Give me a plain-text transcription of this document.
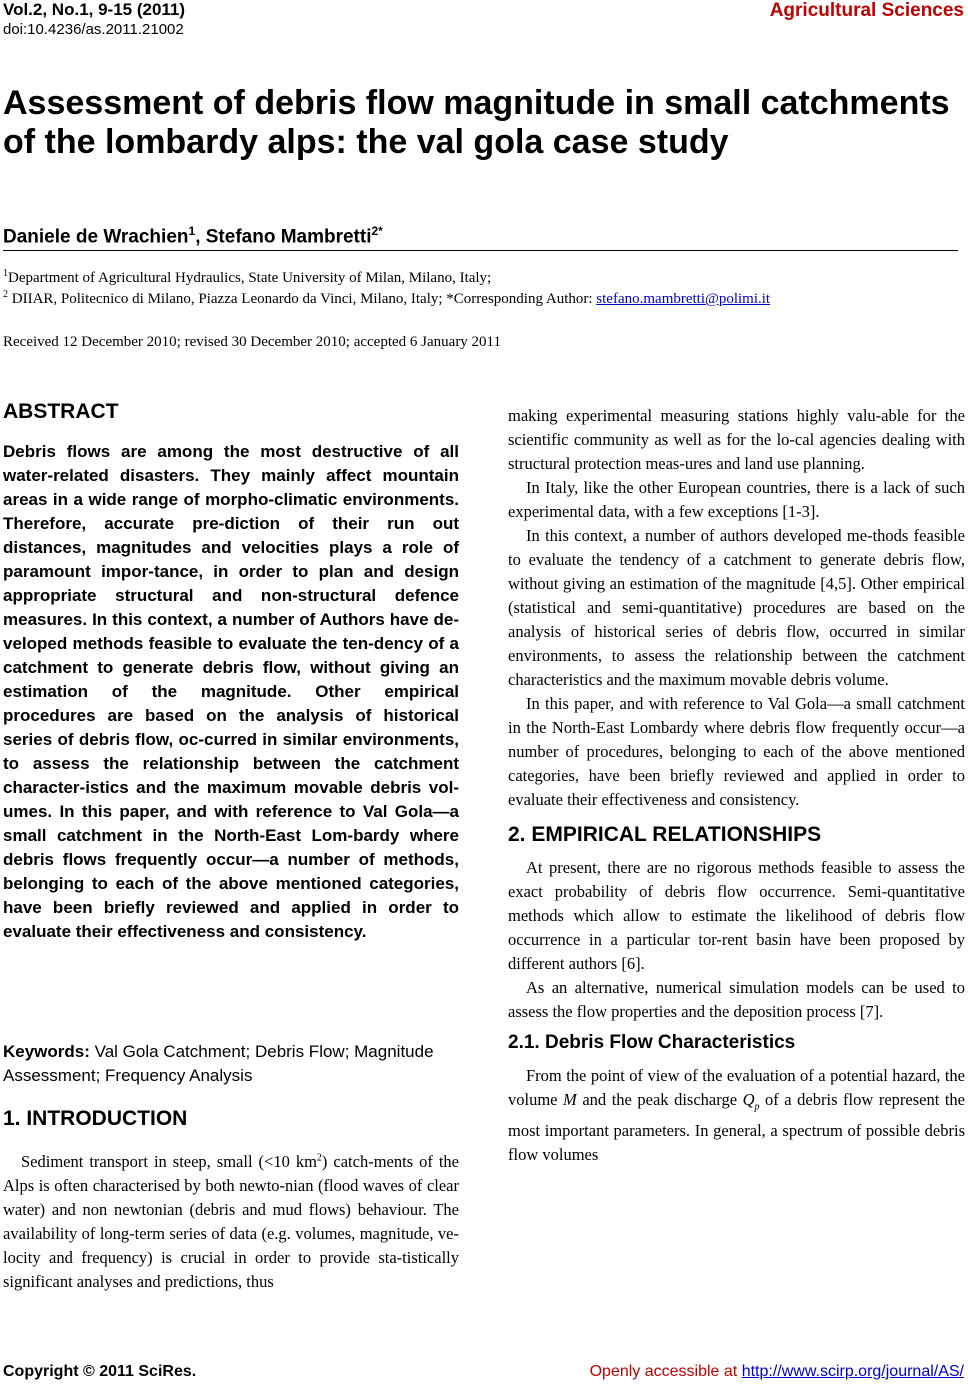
Vol.2, No.1, 9-15 (2011)
doi:10.4236/as.2011.21002
Agricultural Sciences
Assessment of debris flow magnitude in small catchments of the lombardy alps: the val gola case study
Daniele de Wrachien$^1$, Stefano Mambretti$^{2*}$
$^1$Department of Agricultural Hydraulics, State University of Milan, Milano, Italy;
$^2$ DIIAR, Politecnico di Milano, Piazza Leonardo da Vinci, Milano, Italy; *Corresponding Author: stefano.mambretti@polimi.it
Received 12 December 2010; revised 30 December 2010; accepted 6 January 2011
ABSTRACT

Debris flows are among the most destructive of all water-related disasters. They mainly affect mountain areas in a wide range of morpho-climatic environments. Therefore, accurate pre-diction of their run out distances, magnitudes and velocities plays a role of paramount impor-tance, in order to plan and design appropriate structural and non-structural defence measures. In this context, a number of Authors have de-veloped methods feasible to evaluate the ten-dency of a catchment to generate debris flow, without giving an estimation of the magnitude. Other empirical procedures are based on the analysis of historical series of debris flow, oc-curred in similar environments, to assess the relationship between the catchment character-istics and the maximum movable debris vol-umes. In this paper, and with reference to Val Gola—a small catchment in the North-East Lom-bardy where debris flows frequently occur—a number of methods, belonging to each of the above mentioned categories, have been briefly reviewed and applied in order to evaluate their effectiveness and consistency.

Keywords: Val Gola Catchment; Debris Flow; Magnitude Assessment; Frequency Analysis

1. INTRODUCTION

Sediment transport in steep, small (<10 $km^2$) catch-ments of the Alps is often characterised by both newto-nian (flood waves of clear water) and non newtonian (debris and mud flows) behaviour. The availability of long-term series of data (e.g. volumes, magnitude, ve-locity and frequency) is crucial in order to provide sta-tistically significant analyses and predictions, thus

making experimental measuring stations highly valu-able for the scientific community as well as for the lo-cal agencies dealing with structural protection meas-ures and land use planning.

In Italy, like the other European countries, there is a lack of such experimental data, with a few exceptions [1-3].

In this context, a number of authors developed me-thods feasible to evaluate the tendency of a catchment to generate debris flow, without giving an estimation of the magnitude [4,5]. Other empirical (statistical and semi-quantitative) procedures are based on the analysis of historical series of debris flow, occurred in similar environments, to assess the relationship between the catchment characteristics and the maximum movable debris volume.

In this paper, and with reference to Val Gola—a small catchment in the North-East Lombardy where debris flow frequently occur—a number of procedures, belonging to each of the above mentioned categories, have been briefly reviewed and applied in order to evaluate their effectiveness and consistency.

2. EMPIRICAL RELATIONSHIPS

At present, there are no rigorous methods feasible to assess the exact probability of debris flow occurrence. Semi-quantitative methods which allow to estimate the likelihood of debris flow occurrence in a particular tor-rent basin have been proposed by different authors [6].

As an alternative, numerical simulation models can be used to assess the flow properties and the deposition process [7].

2.1. Debris Flow Characteristics

From the point of view of the evaluation of a potential hazard, the volume M and the peak discharge $Q_p$ of a debris flow represent the most important parameters. In general, a spectrum of possible debris flow volumes

Copyright © 2011 SciRes.	Openly accessible at http://www.scirp.org/journal/AS/
